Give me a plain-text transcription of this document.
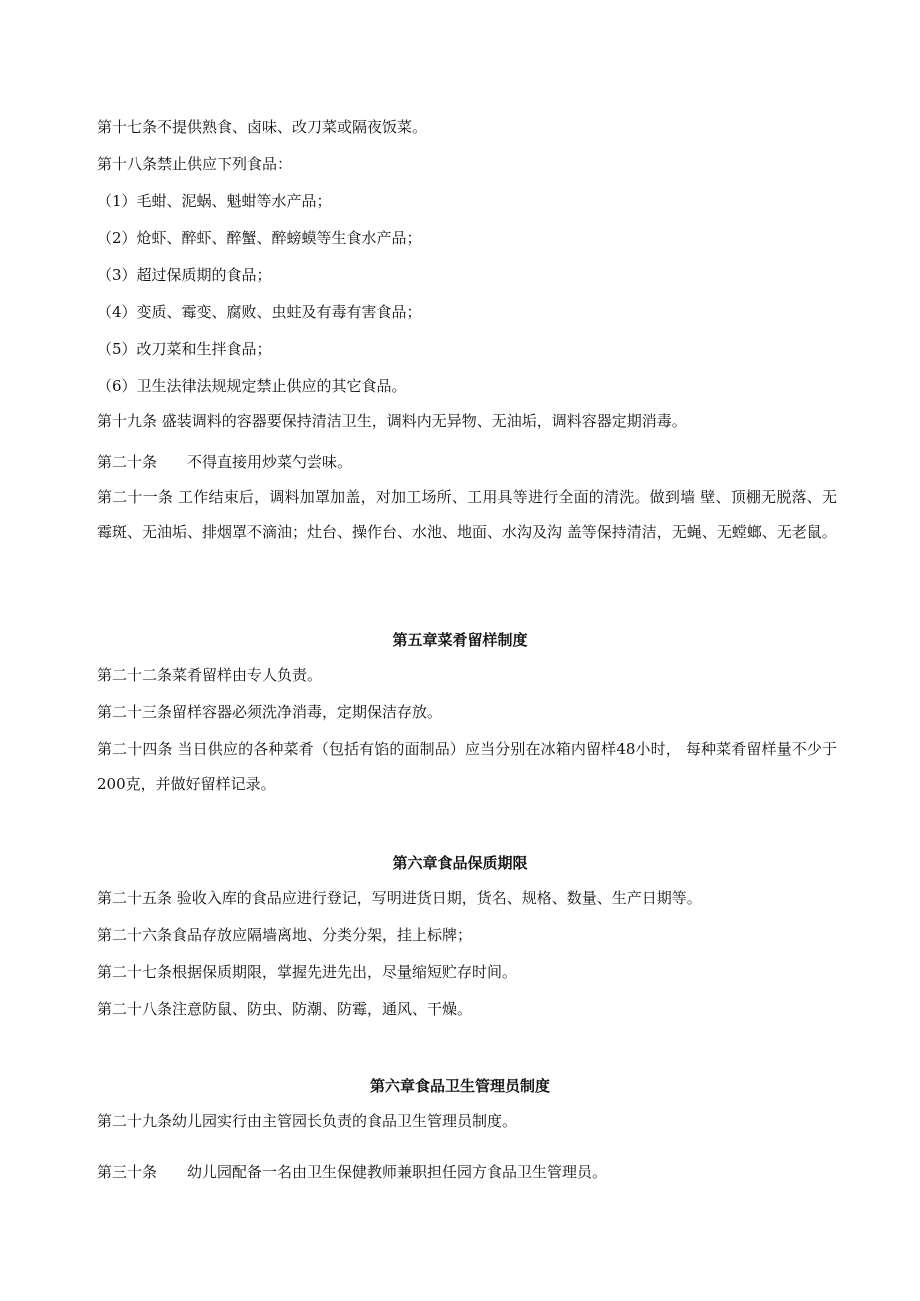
第十七条不提供熟食、卤味、改刀菜或隔夜饭菜。
第十八条禁止供应下列食品：
（1）毛蚶、泥蜗、魁蚶等水产品；
（2）炝虾、醉虾、醉蟹、醉螃蟆等生食水产品；
（3）超过保质期的食品；
（4）变质、霉变、腐败、虫蛀及有毒有害食品；
（5）改刀菜和生拌食品；
（6）卫生法律法规规定禁止供应的其它食品。
第十九条 盛装调料的容器要保持清洁卫生，调料内无异物、无油垢，调料容器定期消毒。
第二十条 不得直接用炒菜勺尝味。
第二十一条 工作结束后，调料加罩加盖，对加工场所、工用具等进行全面的清洗。做到墙 壁、顶棚无脱落、无霉斑、无油垢、排烟罩不滴油；灶台、操作台、水池、地面、水沟及沟 盖等保持清洁，无蝇、无螳螂、无老鼠。
第五章菜肴留样制度
第二十二条菜肴留样由专人负责。
第二十三条留样容器必须洗净消毒，定期保洁存放。
第二十四条 当日供应的各种菜肴（包括有馅的面制品）应当分别在冰箱内留样48小时， 每种菜肴留样量不少于200克，并做好留样记录。
第六章食品保质期限
第二十五条 验收入库的食品应进行登记，写明进货日期，货名、规格、数量、生产日期等。
第二十六条食品存放应隔墙离地、分类分架，挂上标牌；
第二十七条根据保质期限，掌握先进先出，尽量缩短贮存时间。
第二十八条注意防鼠、防虫、防潮、防霉，通风、干燥。
第六章食品卫生管理员制度
第二十九条幼儿园实行由主管园长负责的食品卫生管理员制度。
第三十条 幼儿园配备一名由卫生保健教师兼职担任园方食品卫生管理员。
